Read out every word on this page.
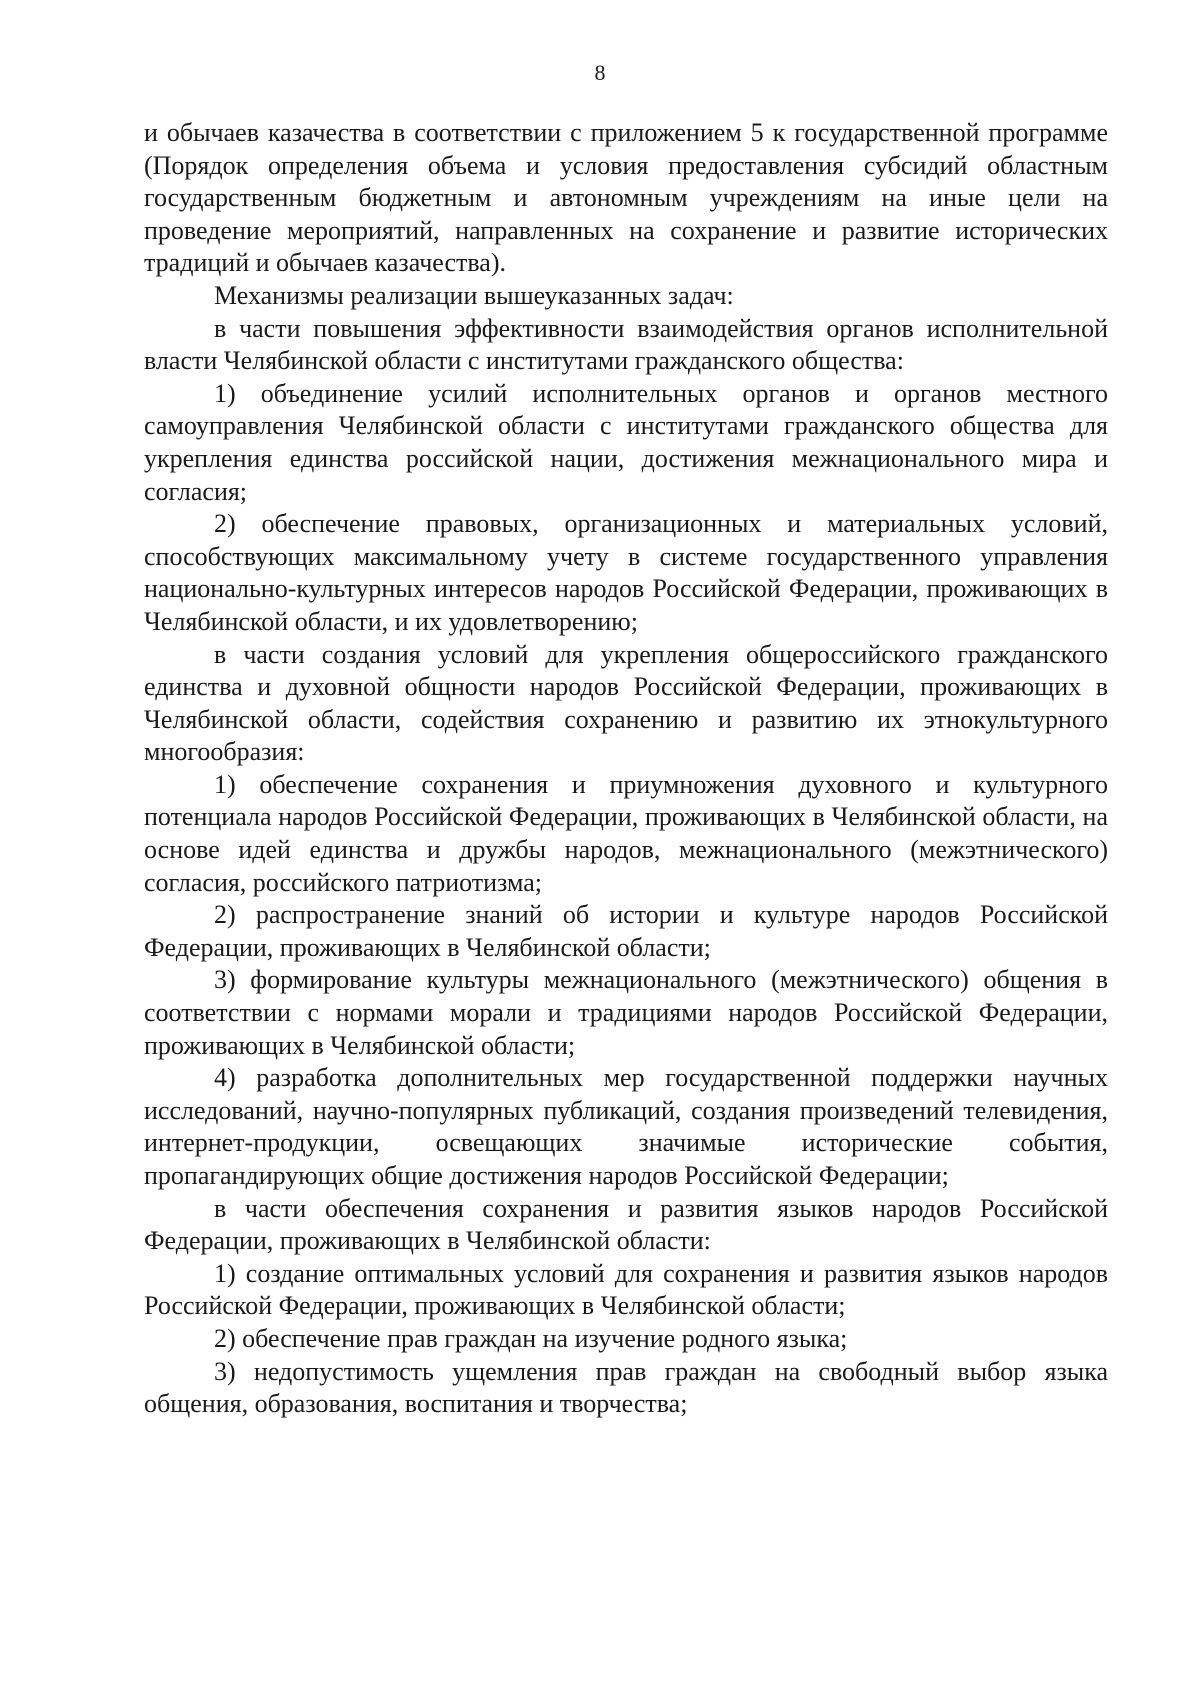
8

и обычаев казачества в соответствии с приложением 5 к государственной программе (Порядок определения объема и условия предоставления субсидий областным государственным бюджетным и автономным учреждениям на иные цели на проведение мероприятий, направленных на сохранение и развитие исторических традиций и обычаев казачества).

Механизмы реализации вышеуказанных задач:

в части повышения эффективности взаимодействия органов исполнительной власти Челябинской области с институтами гражданского общества:

1) объединение усилий исполнительных органов и органов местного самоуправления Челябинской области с институтами гражданского общества для укрепления единства российской нации, достижения межнационального мира и согласия;

2) обеспечение правовых, организационных и материальных условий, способствующих максимальному учету в системе государственного управления национально-культурных интересов народов Российской Федерации, проживающих в Челябинской области, и их удовлетворению;

в части создания условий для укрепления общероссийского гражданского единства и духовной общности народов Российской Федерации, проживающих в Челябинской области, содействия сохранению и развитию их этнокультурного многообразия:

1) обеспечение сохранения и приумножения духовного и культурного потенциала народов Российской Федерации, проживающих в Челябинской области, на основе идей единства и дружбы народов, межнационального (межэтнического) согласия, российского патриотизма;

2) распространение знаний об истории и культуре народов Российской Федерации, проживающих в Челябинской области;

3) формирование культуры межнационального (межэтнического) общения в соответствии с нормами морали и традициями народов Российской Федерации, проживающих в Челябинской области;

4) разработка дополнительных мер государственной поддержки научных исследований, научно-популярных публикаций, создания произведений телевидения, интернет-продукции, освещающих значимые исторические события, пропагандирующих общие достижения народов Российской Федерации;

в части обеспечения сохранения и развития языков народов Российской Федерации, проживающих в Челябинской области:

1) создание оптимальных условий для сохранения и развития языков народов Российской Федерации, проживающих в Челябинской области;

2) обеспечение прав граждан на изучение родного языка;

3) недопустимость ущемления прав граждан на свободный выбор языка общения, образования, воспитания и творчества;
